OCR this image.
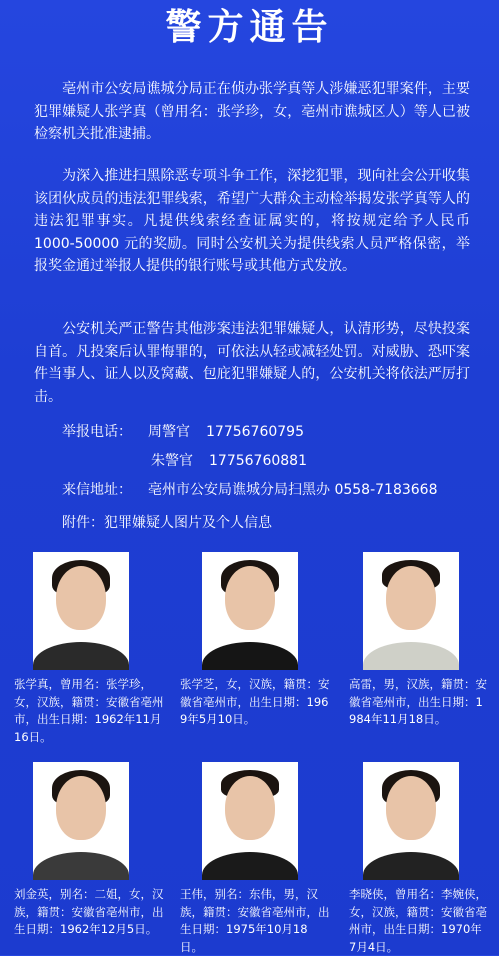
警方通告
亳州市公安局谯城分局正在侦办张学真等人涉嫌恶犯罪案件，主要犯罪嫌疑人张学真（曾用名：张学珍，女，亳州市谯城区人）等人已被检察机关批准逮捕。
为深入推进扫黑除恶专项斗争工作，深挖犯罪，现向社会公开收集该团伙成员的违法犯罪线索，希望广大群众主动检举揭发张学真等人的违法犯罪事实。凡提供线索经查证属实的，将按规定给予人民币 1000-50000 元的奖励。同时公安机关为提供线索人员严格保密，举报奖金通过举报人提供的银行账号或其他方式发放。
公安机关严正警告其他涉案违法犯罪嫌疑人，认清形势，尽快投案自首。凡投案后认罪悔罪的，可依法从轻或减轻处罚。对威胁、恐吓案件当事人、证人以及窝藏、包庇犯罪嫌疑人的，公安机关将依法严厉打击。
举报电话： 周警官 17756760795
朱警官 17756760881
来信地址： 亳州市公安局谯城分局扫黑办 0558-7183668
附件：犯罪嫌疑人图片及个人信息
张学真，曾用名：张学珍，女，汉族，籍贯：安徽省亳州市，出生日期：1962年11月16日。
张学芝，女，汉族，籍贯：安徽省亳州市，出生日期：1969年5月10日。
高雷，男，汉族，籍贯：安徽省亳州市，出生日期：1984年11月18日。
刘金英，别名：二姐，女，汉族，籍贯：安徽省亳州市，出生日期：1962年12月5日。
王伟，别名：东伟，男，汉族，籍贯：安徽省亳州市，出生日期：1975年10月18日。
李晓侠，曾用名：李婉侠，女，汉族，籍贯：安徽省亳州市，出生日期：1970年7月4日。
